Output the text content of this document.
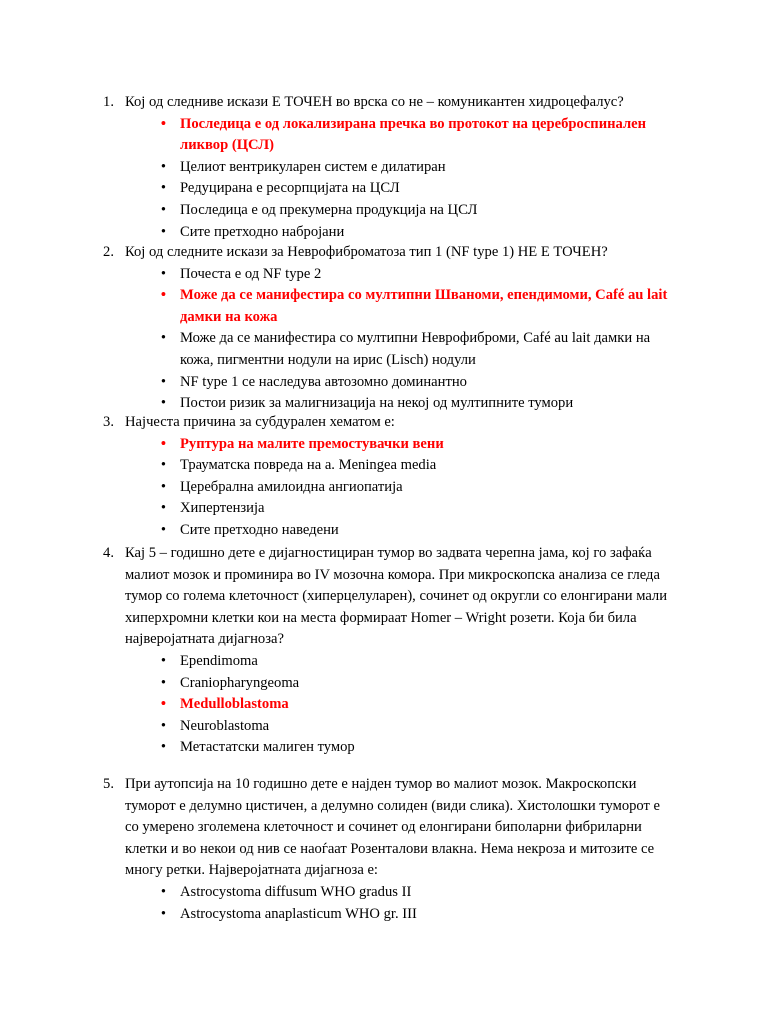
1. Кој од следниве искази Е ТОЧЕН во врска со не – комуникантен хидроцефалус?
• Последица е од локализирана пречка во протокот на цереброспинален ликвор (ЦСЛ)
• Целиот вентрикуларен систем е дилатиран
• Редуцирана е ресорпцијата на ЦСЛ
• Последица е од прекумерна продукција на ЦСЛ
• Сите претходно набројани
2. Кој од следните искази за Неврофиброматоза тип 1 (NF type 1) НЕ Е ТОЧЕН?
• Почеста е од NF type 2
• Може да се манифестира со мултипни Шваноми, епендимоми, Café au lait дамки на кожа
• Може да се манифестира со мултипни Неврофиброми, Café au lait дамки на кожа, пигментни нодули на ирис (Lisch) нодули
• NF type 1 се наследува автозомно доминантно
• Постои ризик за малигнизација на некој од мултипните тумори
3. Најчеста причина за субдурален хематом е:
• Руптура на малите премостувачки вени
• Трауматска повреда на a. Meningea media
• Церебрална амилоидна ангиопатија
• Хипертензија
• Сите претходно наведени
4. Кај 5 – годишно дете е дијагностициран тумор во задвата черепна јама, кој го зафаќа малиот мозок и проминира во IV мозочна комора. При микроскопска анализа се гледа тумор со голема клеточност (хиперцелуларен), сочинет од округли со елонгирани мали хиперхромни клетки кои на места формираат Homer – Wright розети. Која би била најверојатната дијагноза?
• Ependimoma
• Craniopharyngeoma
• Medulloblastoma
• Neuroblastoma
• Метастатски малиген тумор
5. При аутопсија на 10 годишно дете е најден тумор во малиот мозок. Макроскопски туморот е делумно цистичен, а делумно солиден (види слика). Хистолошки туморот е со умерено зголемена клеточност и сочинет од елонгирани биполарни фибриларни клетки и во некои од нив се наоѓаат Розенталови влакна. Нема некроза и митозите се многу ретки. Најверојатната дијагноза е:
• Astrocystoma diffusum WHO gradus II
• Astrocystoma anaplasticum WHO gr. III
